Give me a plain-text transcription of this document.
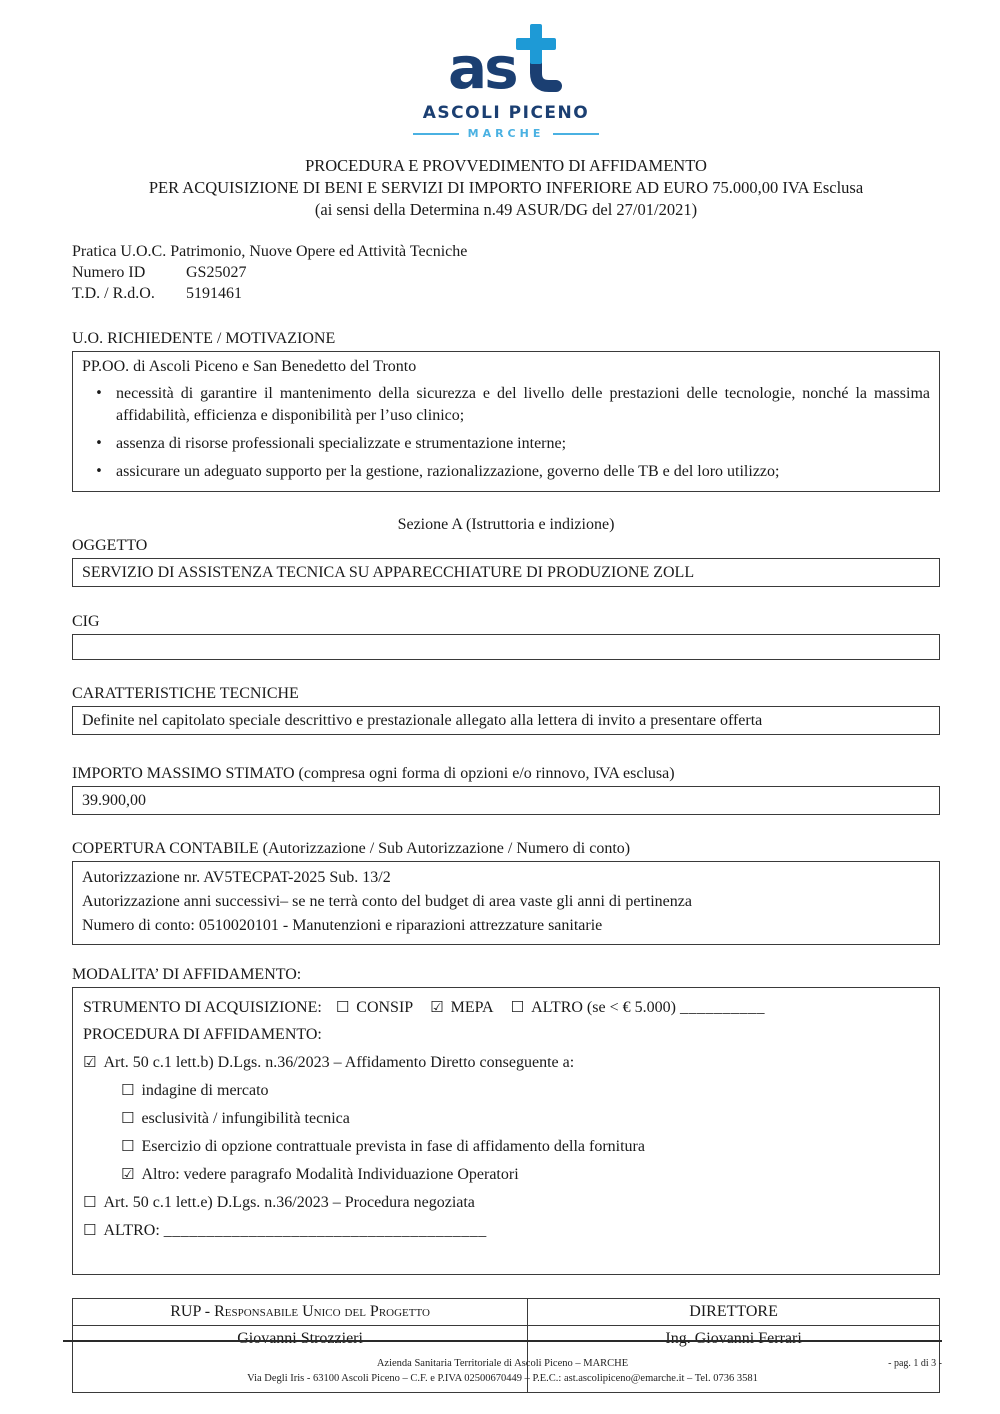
as
ASCOLI PICENO
MARCHE
PROCEDURA E PROVVEDIMENTO DI AFFIDAMENTO
PER ACQUISIZIONE DI BENI E SERVIZI DI IMPORTO INFERIORE AD EURO 75.000,00 IVA Esclusa
(ai sensi della Determina n.49 ASUR/DG del 27/01/2021)
Pratica U.O.C. Patrimonio, Nuove Opere ed Attività Tecniche
Numero ID	GS25027
T.D. / R.d.O. 5191461
U.O. RICHIEDENTE / MOTIVAZIONE
PP.OO. di Ascoli Piceno e San Benedetto del Tronto
• necessità di garantire il mantenimento della sicurezza e del livello delle prestazioni delle tecnologie, nonché la massima affidabilità, efficienza e disponibilità per l’uso clinico;
• assenza di risorse professionali specializzate e strumentazione interne;
• assicurare un adeguato supporto per la gestione, razionalizzazione, governo delle TB e del loro utilizzo;
Sezione A (Istruttoria e indizione)
OGGETTO
SERVIZIO DI ASSISTENZA TECNICA SU APPARECCHIATURE DI PRODUZIONE ZOLL
CIG
CARATTERISTICHE TECNICHE
Definite nel capitolato speciale descrittivo e prestazionale allegato alla lettera di invito a presentare offerta
IMPORTO MASSIMO STIMATO (compresa ogni forma di opzioni e/o rinnovo, IVA esclusa)
39.900,00
COPERTURA CONTABILE (Autorizzazione / Sub Autorizzazione / Numero di conto)
Autorizzazione nr. AV5TECPAT-2025 Sub. 13/2
Autorizzazione anni successivi– se ne terrà conto del budget di area vaste gli anni di pertinenza
Numero di conto: 0510020101 - Manutenzioni e riparazioni attrezzature sanitarie
MODALITA’ DI AFFIDAMENTO:
STRUMENTO DI ACQUISIZIONE: ☐ CONSIP ☑ MEPA ☐ ALTRO (se < € 5.000) __________
PROCEDURA DI AFFIDAMENTO:
☑ Art. 50 c.1 lett.b) D.Lgs. n.36/2023 – Affidamento Diretto conseguente a:
☐ indagine di mercato
☐ esclusività / infungibilità tecnica
☐ Esercizio di opzione contrattuale prevista in fase di affidamento della fornitura
☑ Altro: vedere paragrafo Modalità Individuazione Operatori
☐ Art. 50 c.1 lett.e) D.Lgs. n.36/2023 – Procedura negoziata
☐ ALTRO: ______________________________________
RUP - Responsabile Unico del Progetto	DIRETTORE
Giovanni Strozzieri	Ing. Giovanni Ferrari
Azienda Sanitaria Territoriale di Ascoli Piceno – MARCHE
Via Degli Iris - 63100 Ascoli Piceno – C.F. e P.IVA 02500670449 – P.E.C.: ast.ascolipiceno@emarche.it – Tel. 0736 3581
- pag. 1 di 3 -
